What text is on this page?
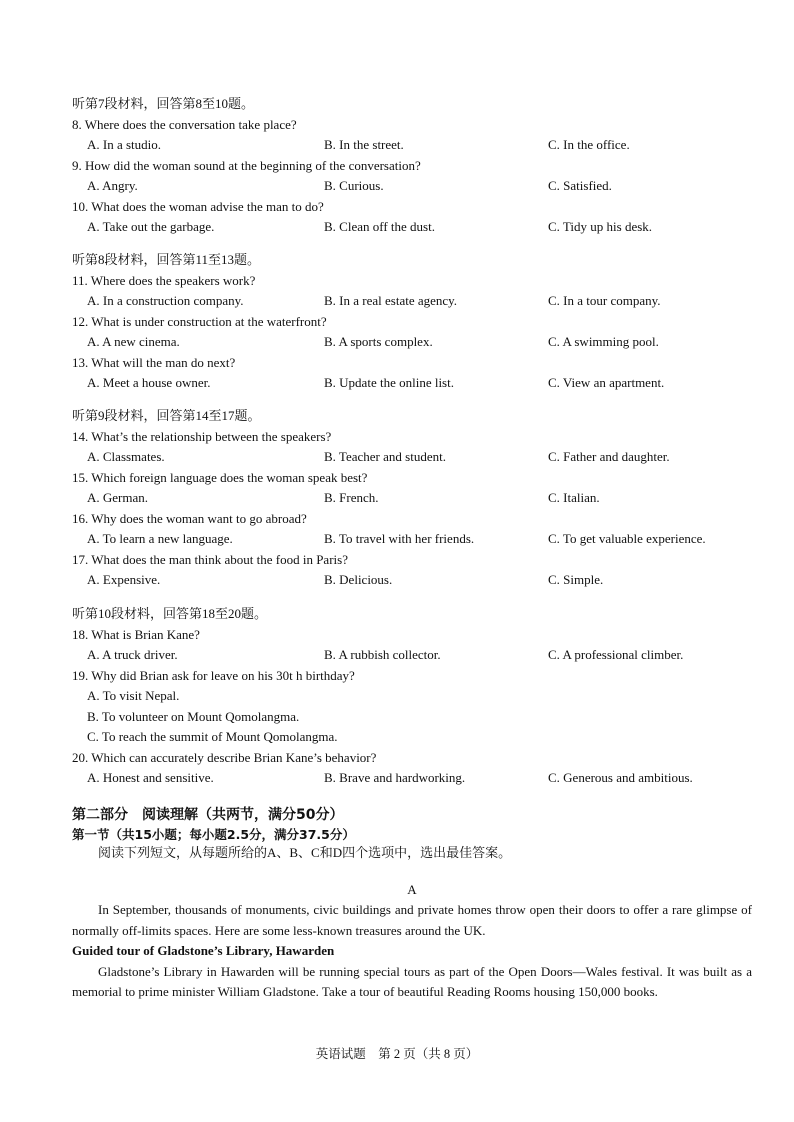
听第7段材料，回答第8至10题。
8. Where does the conversation take place?
A. In a studio.	B. In the street.	C. In the office.
9. How did the woman sound at the beginning of the conversation?
A. Angry.	B. Curious.	C. Satisfied.
10. What does the woman advise the man to do?
A. Take out the garbage.	B. Clean off the dust.	C. Tidy up his desk.
听第8段材料，回答第11至13题。
11. Where does the speakers work?
A. In a construction company.	B. In a real estate agency.	C. In a tour company.
12. What is under construction at the waterfront?
A. A new cinema.	B. A sports complex.	C. A swimming pool.
13. What will the man do next?
A. Meet a house owner.	B. Update the online list.	C. View an apartment.
听第9段材料，回答第14至17题。
14. What’s the relationship between the speakers?
A. Classmates.	B. Teacher and student.	C. Father and daughter.
15. Which foreign language does the woman speak best?
A. German.	B. French.	C. Italian.
16. Why does the woman want to go abroad?
A. To learn a new language.	B. To travel with her friends.	C. To get valuable experience.
17. What does the man think about the food in Paris?
A. Expensive.	B. Delicious.	C. Simple.
听第10段材料，回答第18至20题。
18. What is Brian Kane?
A. A truck driver.	B. A rubbish collector.	C. A professional climber.
19. Why did Brian ask for leave on his 30t h birthday?
A. To visit Nepal.
B. To volunteer on Mount Qomolangma.
C. To reach the summit of Mount Qomolangma.
20. Which can accurately describe Brian Kane’s behavior?
A. Honest and sensitive.	B. Brave and hardworking.	C. Generous and ambitious.
第二部分　阅读理解（共两节，满分50分）
第一节（共15小题；每小题2.5分，满分37.5分）
阅读下列短文，从每题所给的A、B、C和D四个选项中，选出最佳答案。
A

In September, thousands of monuments, civic buildings and private homes throw open their doors to offer a rare glimpse of normally off-limits spaces. Here are some less-known treasures around the UK.

Guided tour of Gladstone’s Library, Hawarden

Gladstone’s Library in Hawarden will be running special tours as part of the Open Doors—Wales festival. It was built as a memorial to prime minister William Gladstone. Take a tour of beautiful Reading Rooms housing 150,000 books.

英语试题　第 2 页（共 8 页）
